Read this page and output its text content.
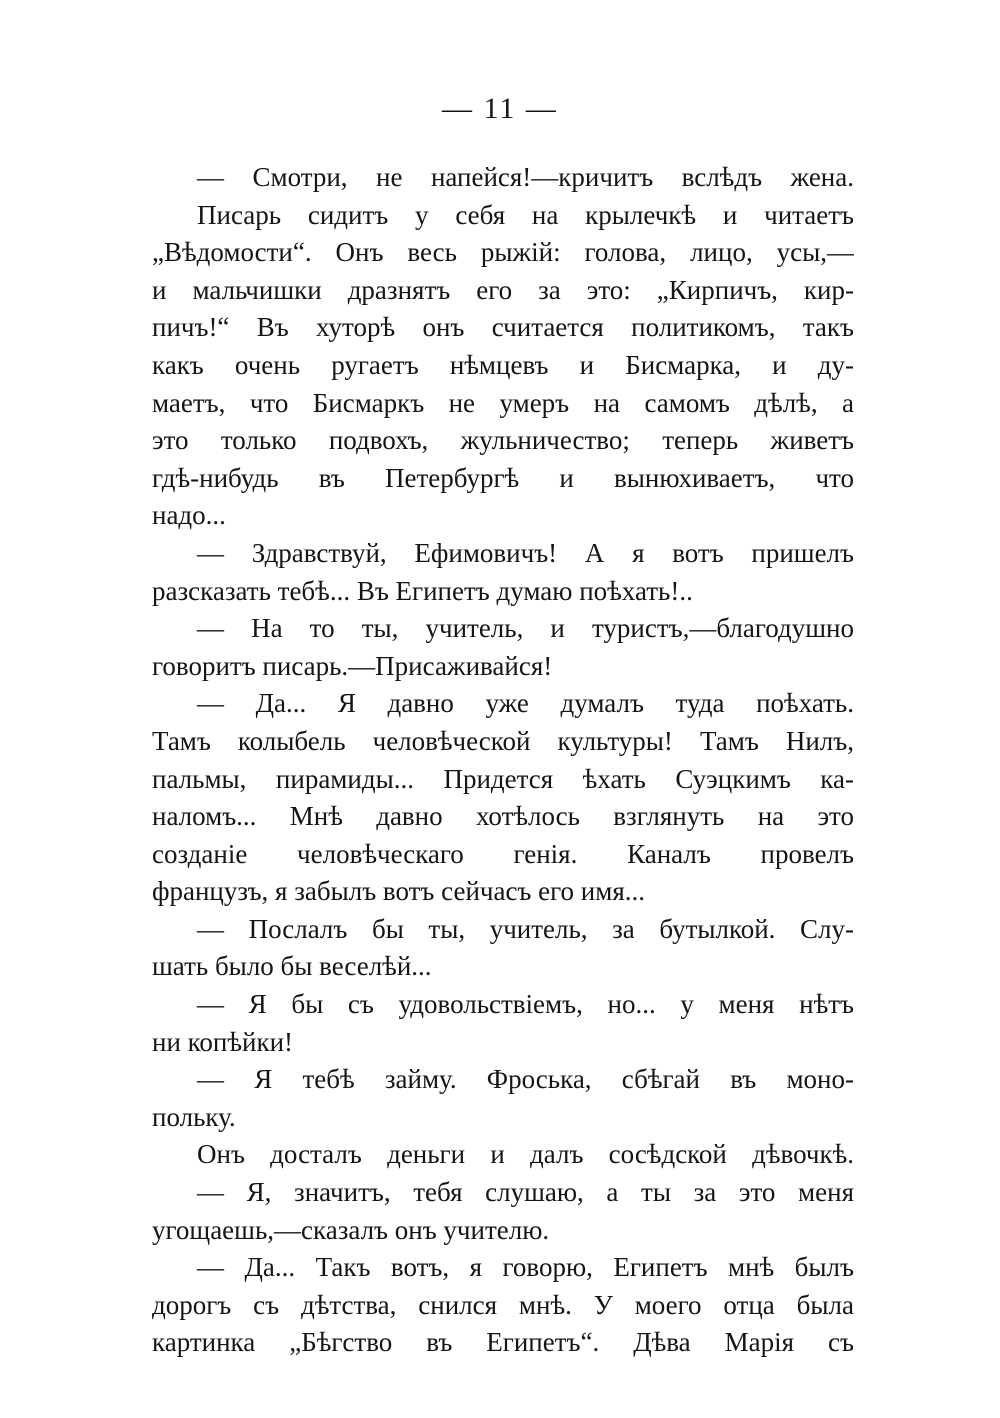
— 11 —
— Смотри, не напейся!—кричитъ вслѣдъ жена.
Писарь сидитъ у себя на крылечкѣ и читаетъ
„Вѣдомости“. Онъ весь рыжій: голова, лицо, усы,—
и мальчишки дразнятъ его за это: „Кирпичъ, кир-
пичъ!“ Въ хуторѣ онъ считается политикомъ, такъ
какъ очень ругаетъ нѣмцевъ и Бисмарка, и ду-
маетъ, что Бисмаркъ не умеръ на самомъ дѣлѣ, а
это только подвохъ, жульничество; теперь живетъ
гдѣ-нибудь въ Петербургѣ и вынюхиваетъ, что
надо...
— Здравствуй, Ефимовичъ! А я вотъ пришелъ
разсказать тебѣ... Въ Египетъ думаю поѣхать!..
— На то ты, учитель, и туристъ,—благодушно
говоритъ писарь.—Присаживайся!
— Да... Я давно уже думалъ туда поѣхать.
Тамъ колыбель человѣческой культуры! Тамъ Нилъ,
пальмы, пирамиды... Придется ѣхать Суэцкимъ ка-
наломъ... Мнѣ давно хотѣлось взглянуть на это
созданіе человѣческаго генія. Каналъ провелъ
французъ, я забылъ вотъ сейчасъ его имя...
— Послалъ бы ты, учитель, за бутылкой. Слу-
шать было бы веселѣй...
— Я бы съ удовольствіемъ, но... у меня нѣтъ
ни копѣйки!
— Я тебѣ займу. Фроська, сбѣгай въ моно-
польку.
Онъ досталъ деньги и далъ сосѣдской дѣвочкѣ.
— Я, значитъ, тебя слушаю, а ты за это меня
угощаешь,—сказалъ онъ учителю.
— Да... Такъ вотъ, я говорю, Египетъ мнѣ былъ
дорогъ съ дѣтства, снился мнѣ. У моего отца была
картинка „Бѣгство въ Египетъ“. Дѣва Марія съ
